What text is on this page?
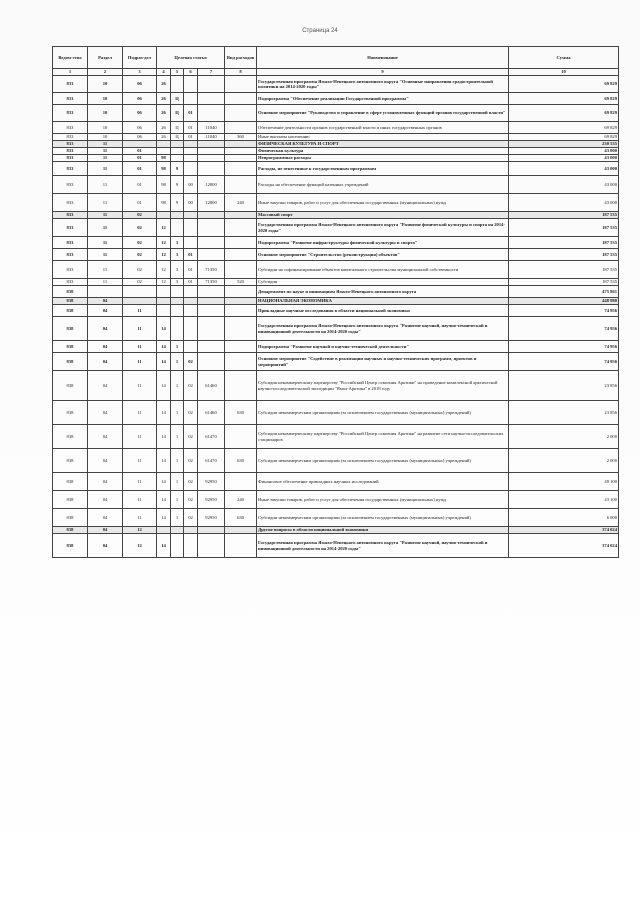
Страница 24
Ведом-ство	Раздел	Подраз-дел	Целевая статья				Вид расходов	Наименование	Сумма
1	2	3	4	5	6	7	8	9	10
833	10	06	26					Государственная программа Ямало-Ненецкого автономного округа "Основные направления градостроительной политики на 2014-2020 годы"	69 829
833	10	06	26	Ц				Подпрограмма "Обеспечение реализации Государственной программы"	69 829
833	10	06	26	Ц	01			Основное мероприятие "Руководство и управление в сфере установленных функций органов государственной власти"	69 829
833	10	06	26	Ц	01	11040		Обеспечение деятельности органов государственной власти и иных государственных органов	69 829
833	10	06	26	Ц	01	11040	360	Иные выплаты населению	69 829
833	11							ФИЗИЧЕСКАЯ КУЛЬТУРА И СПОРТ	230 535
833	11	01						Физическая культура	43 000
833	11	01	98					Непрограммные расходы	43 000
833	11	01	98	9				Расходы, не отнесенные к государственным программам	43 000
833	11	01	98	9	00	12000		Расходы на обеспечение функций казенных учреждений	43 000
833	11	01	98	9	00	12000	240	Иные закупки товаров, работ и услуг для обеспечения государственных (муниципальных) нужд	43 000
833	11	02						Массовый спорт	187 535
833	11	02	12					Государственная программа Ямало-Ненецкого автономного округа "Развитие физической культуры и спорта на 2014-2020 годы"	187 535
833	11	02	12	3				Подпрограмма "Развитие инфраструктуры физической культуры и спорта"	187 535
833	11	02	12	3	01			Основное мероприятие "Строительство (реконструкция) объектов"	187 535
833	11	02	12	3	01	71350		Субсидии на софинансирование объектов капитального строительства муниципальной собственности	187 535
833	11	02	12	3	01	71350	520	Субсидии	187 535
838								Департамент по науке и инновациям Ямало-Ненецкого автономного округа	475 861
838	04							НАЦИОНАЛЬНАЯ ЭКОНОМИКА	448 980
838	04	11						Прикладные научные исследования в области национальной экономики	74 956
838	04	11	14					Государственная программа Ямало-Ненецкого автономного округа "Развитие научной, научно-технической и инновационной деятельности на 2014-2020 годы"	74 956
838	04	11	14	1				Подпрограмма "Развитие научной и научно-технической деятельности"	74 956
838	04	11	14	1	02			Основное мероприятие "Содействие в реализации научных и научно-технических программ, проектов и мероприятий"	74 956
838	04	11	14	1	02	61460		Субсидия некоммерческому партнерству "Российский Центр освоения Арктики" на проведение комплексной арктической научно-исследовательской экспедиции "Ямал-Арктика" в 2018 году	23 856
838	04	11	14	1	02	61460	630	Субсидии некоммерческим организациям (за исключением государственных (муниципальных) учреждений)	23 856
838	04	11	14	1	02	61470		Субсидия некоммерческому партнерству "Российский Центр освоения Арктики" на развитие сети научно-исследовательских стационаров	2 000
838	04	11	14	1	02	61470	630	Субсидии некоммерческим организациям (за исключением государственных (муниципальных) учреждений)	2 000
838	04	11	14	1	02	92950		Финансовое обеспечение прикладных научных исследований	49 100
838	04	11	14	1	02	92950	240	Иные закупки товаров, работ и услуг для обеспечения государственных (муниципальных) нужд	43 100
838	04	11	14	1	02	92950	630	Субсидии некоммерческим организациям (за исключением государственных (муниципальных) учреждений)	6 000
838	04	12						Другие вопросы в области национальной экономики	374 024
838	04	12	14					Государственная программа Ямало-Ненецкого автономного округа "Развитие научной, научно-технической и инновационной деятельности на 2014-2020 годы"	374 024
